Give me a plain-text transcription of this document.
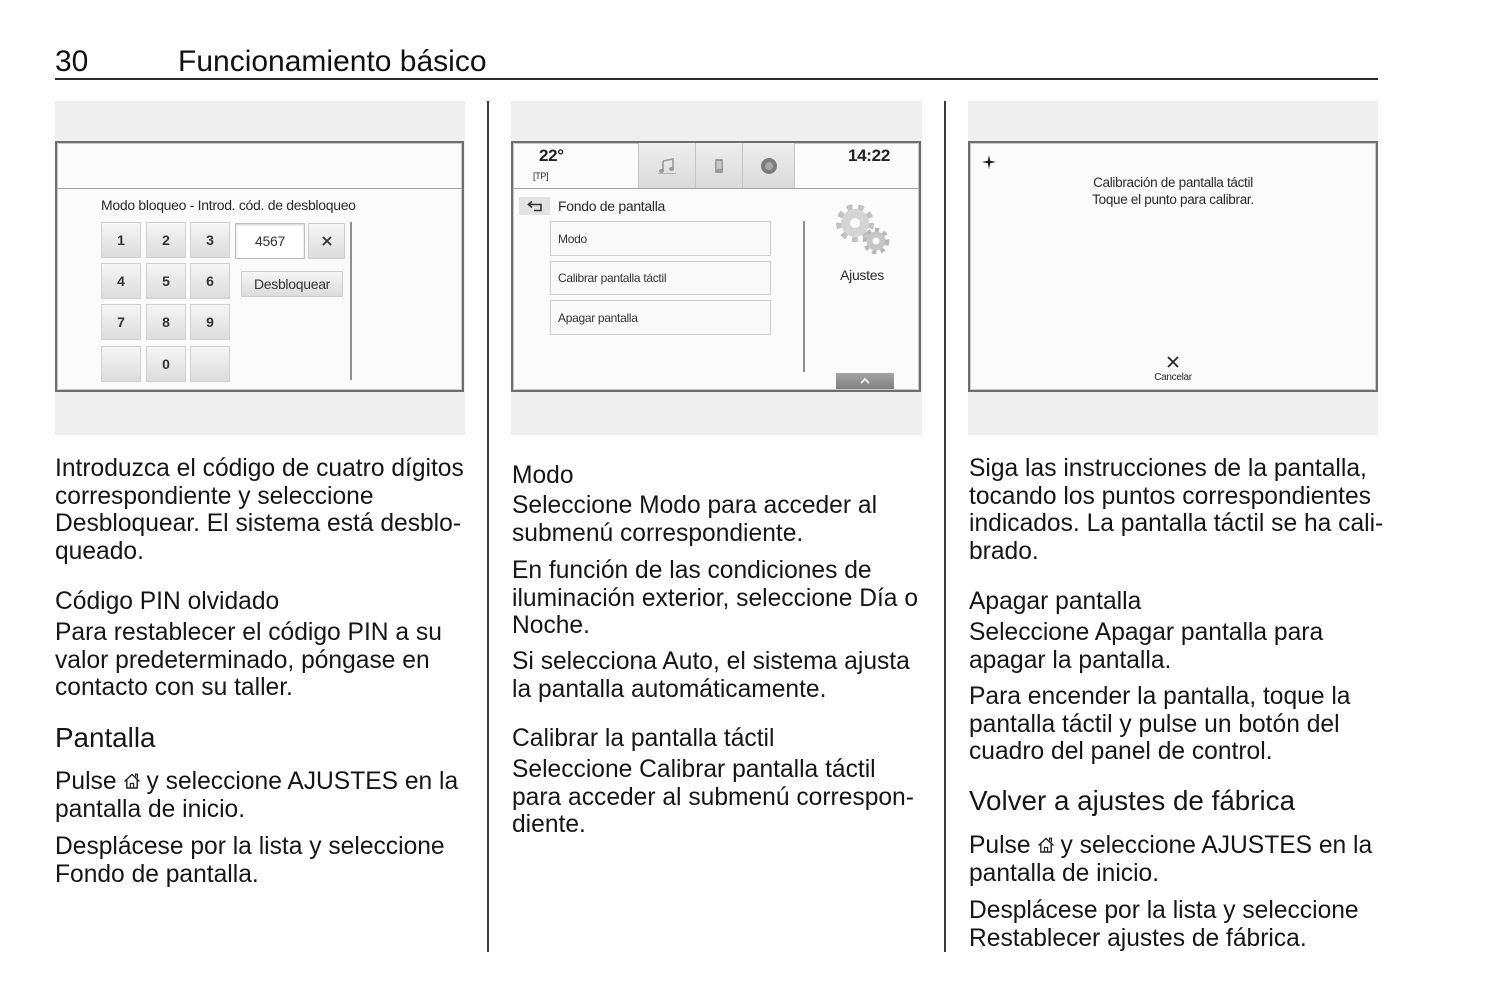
30	Funcionamiento básico
Modo bloqueo - Introd. cód. de desbloqueo
1	2	3
4	5	6
7	8	9
0
4567
Desbloquear
22°
[TP]
14:22
Fondo de pantalla
Modo
Calibrar pantalla táctil
Apagar pantalla
Ajustes
Calibración de pantalla táctil
Toque el punto para calibrar.
Cancelar
Introduzca el código de cuatro dígitos
correspondiente y seleccione
Desbloquear. El sistema está desblo-
queado.
Código PIN olvidado
Para restablecer el código PIN a su
valor predeterminado, póngase en
contacto con su taller.
Pantalla
Pulse y seleccione AJUSTES en la
pantalla de inicio.
Desplácese por la lista y seleccione
Fondo de pantalla.
Modo
Seleccione Modo para acceder al
submenú correspondiente.
En función de las condiciones de
iluminación exterior, seleccione Día o
Noche.
Si selecciona Auto, el sistema ajusta
la pantalla automáticamente.
Calibrar la pantalla táctil
Seleccione Calibrar pantalla táctil
para acceder al submenú correspon-
diente.
Siga las instrucciones de la pantalla,
tocando los puntos correspondientes
indicados. La pantalla táctil se ha cali-
brado.
Apagar pantalla
Seleccione Apagar pantalla para
apagar la pantalla.
Para encender la pantalla, toque la
pantalla táctil y pulse un botón del
cuadro del panel de control.
Volver a ajustes de fábrica
Pulse y seleccione AJUSTES en la
pantalla de inicio.
Desplácese por la lista y seleccione
Restablecer ajustes de fábrica.
